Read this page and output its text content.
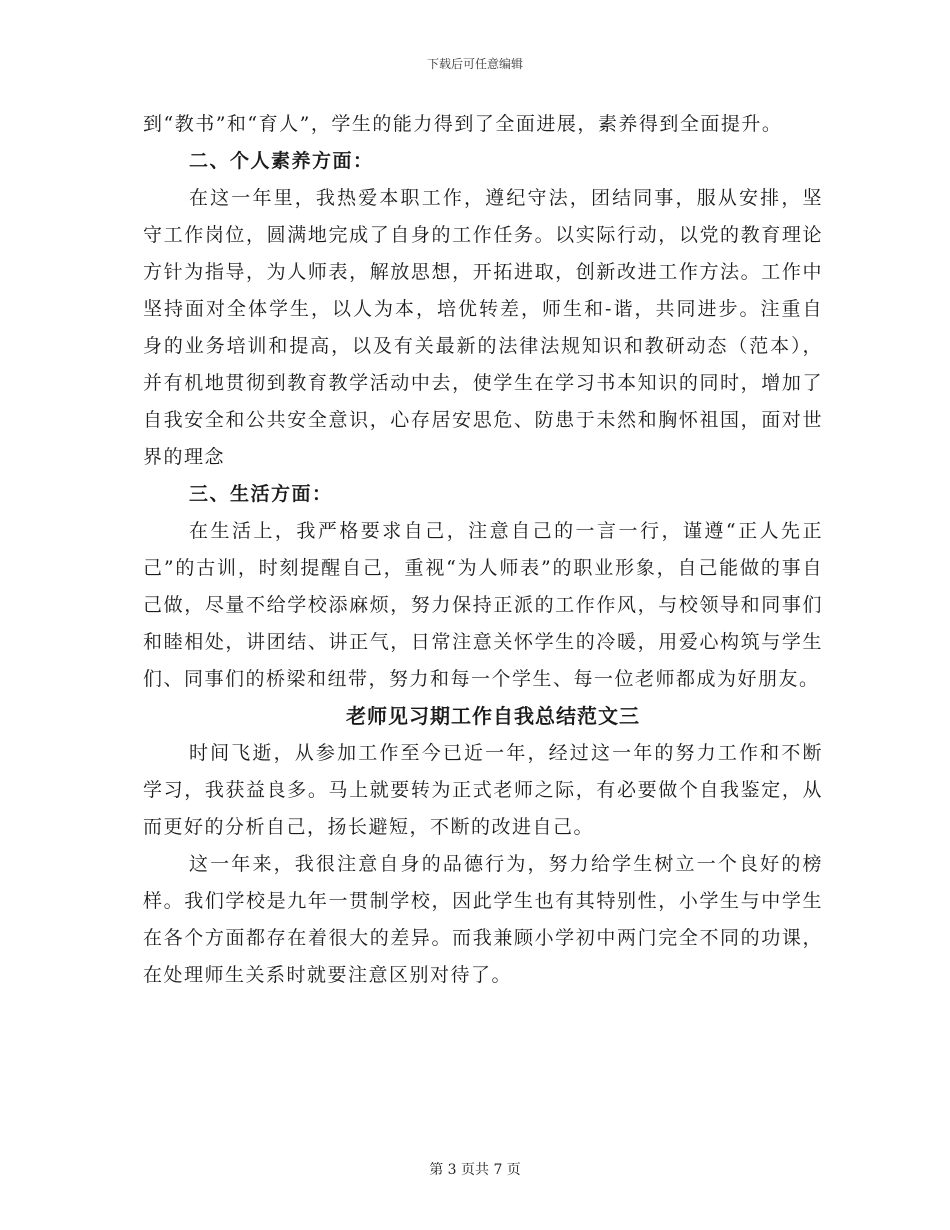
下载后可任意编辑

到“教书”和“育人”，学生的能力得到了全面进展，素养得到全面提升。

二、个人素养方面：

在这一年里，我热爱本职工作，遵纪守法，团结同事，服从安排，坚守工作岗位，圆满地完成了自身的工作任务。以实际行动，以党的教育理论方针为指导，为人师表，解放思想，开拓进取，创新改进工作方法。工作中坚持面对全体学生，以人为本，培优转差，师生和-谐，共同进步。注重自身的业务培训和提高，以及有关最新的法律法规知识和教研动态（范本），并有机地贯彻到教育教学活动中去，使学生在学习书本知识的同时，增加了自我安全和公共安全意识，心存居安思危、防患于未然和胸怀祖国，面对世界的理念

三、生活方面：

在生活上，我严格要求自己，注意自己的一言一行，谨遵“正人先正己”的古训，时刻提醒自己，重视“为人师表”的职业形象，自己能做的事自己做，尽量不给学校添麻烦，努力保持正派的工作作风，与校领导和同事们和睦相处，讲团结、讲正气，日常注意关怀学生的冷暖，用爱心构筑与学生们、同事们的桥梁和纽带，努力和每一个学生、每一位老师都成为好朋友。

老师见习期工作自我总结范文三

时间飞逝，从参加工作至今已近一年，经过这一年的努力工作和不断学习，我获益良多。马上就要转为正式老师之际，有必要做个自我鉴定，从而更好的分析自己，扬长避短，不断的改进自己。

这一年来，我很注意自身的品德行为，努力给学生树立一个良好的榜样。我们学校是九年一贯制学校，因此学生也有其特别性，小学生与中学生在各个方面都存在着很大的差异。而我兼顾小学初中两门完全不同的功课，在处理师生关系时就要注意区别对待了。

第 3 页共 7 页
